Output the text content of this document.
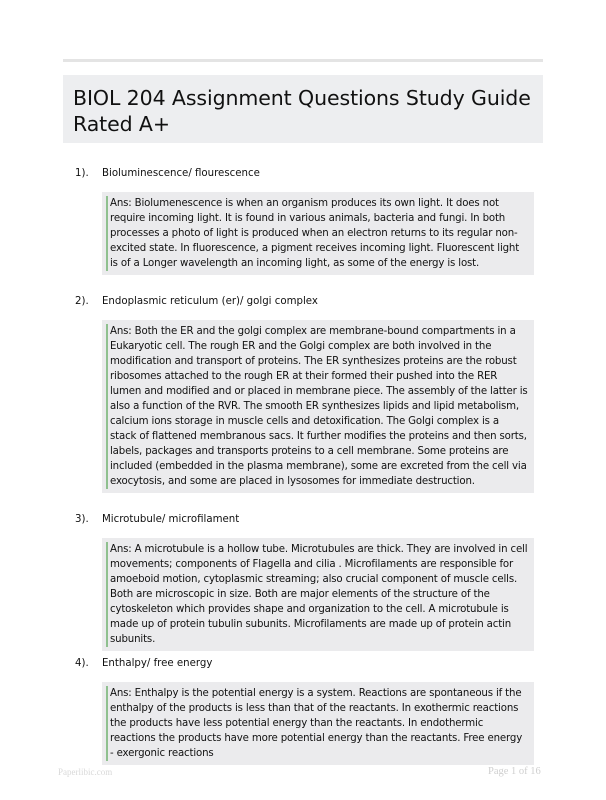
BIOL 204 Assignment Questions Study Guide Rated A+
1). Bioluminescence/ flourescence
Ans: Biolumenescence is when an organism produces its own light. It does not require incoming light. It is found in various animals, bacteria and fungi. In both processes a photo of light is produced when an electron returns to its regular non-excited state. In fluorescence, a pigment receives incoming light. Fluorescent light is of a Longer wavelength an incoming light, as some of the energy is lost.
2). Endoplasmic reticulum (er)/ golgi complex
Ans: Both the ER and the golgi complex are membrane-bound compartments in a Eukaryotic cell. The rough ER and the Golgi complex are both involved in the modification and transport of proteins. The ER synthesizes proteins are the robust ribosomes attached to the rough ER at their formed their pushed into the RER lumen and modified and or placed in membrane piece. The assembly of the latter is also a function of the RVR. The smooth ER synthesizes lipids and lipid metabolism, calcium ions storage in muscle cells and detoxification. The Golgi complex is a stack of flattened membranous sacs. It further modifies the proteins and then sorts, labels, packages and transports proteins to a cell membrane. Some proteins are included (embedded in the plasma membrane), some are excreted from the cell via exocytosis, and some are placed in lysosomes for immediate destruction.
3). Microtubule/ microfilament
Ans: A microtubule is a hollow tube. Microtubules are thick. They are involved in cell movements; components of Flagella and cilia . Microfilaments are responsible for amoeboid motion, cytoplasmic streaming; also crucial component of muscle cells. Both are microscopic in size. Both are major elements of the structure of the cytoskeleton which provides shape and organization to the cell. A microtubule is made up of protein tubulin subunits. Microfilaments are made up of protein actin subunits.
4). Enthalpy/ free energy
Ans: Enthalpy is the potential energy is a system. Reactions are spontaneous if the enthalpy of the products is less than that of the reactants. In exothermic reactions the products have less potential energy than the reactants. In endothermic reactions the products have more potential energy than the reactants. Free energy - exergonic reactions
Paperlibic.com	Page 1 of 16
